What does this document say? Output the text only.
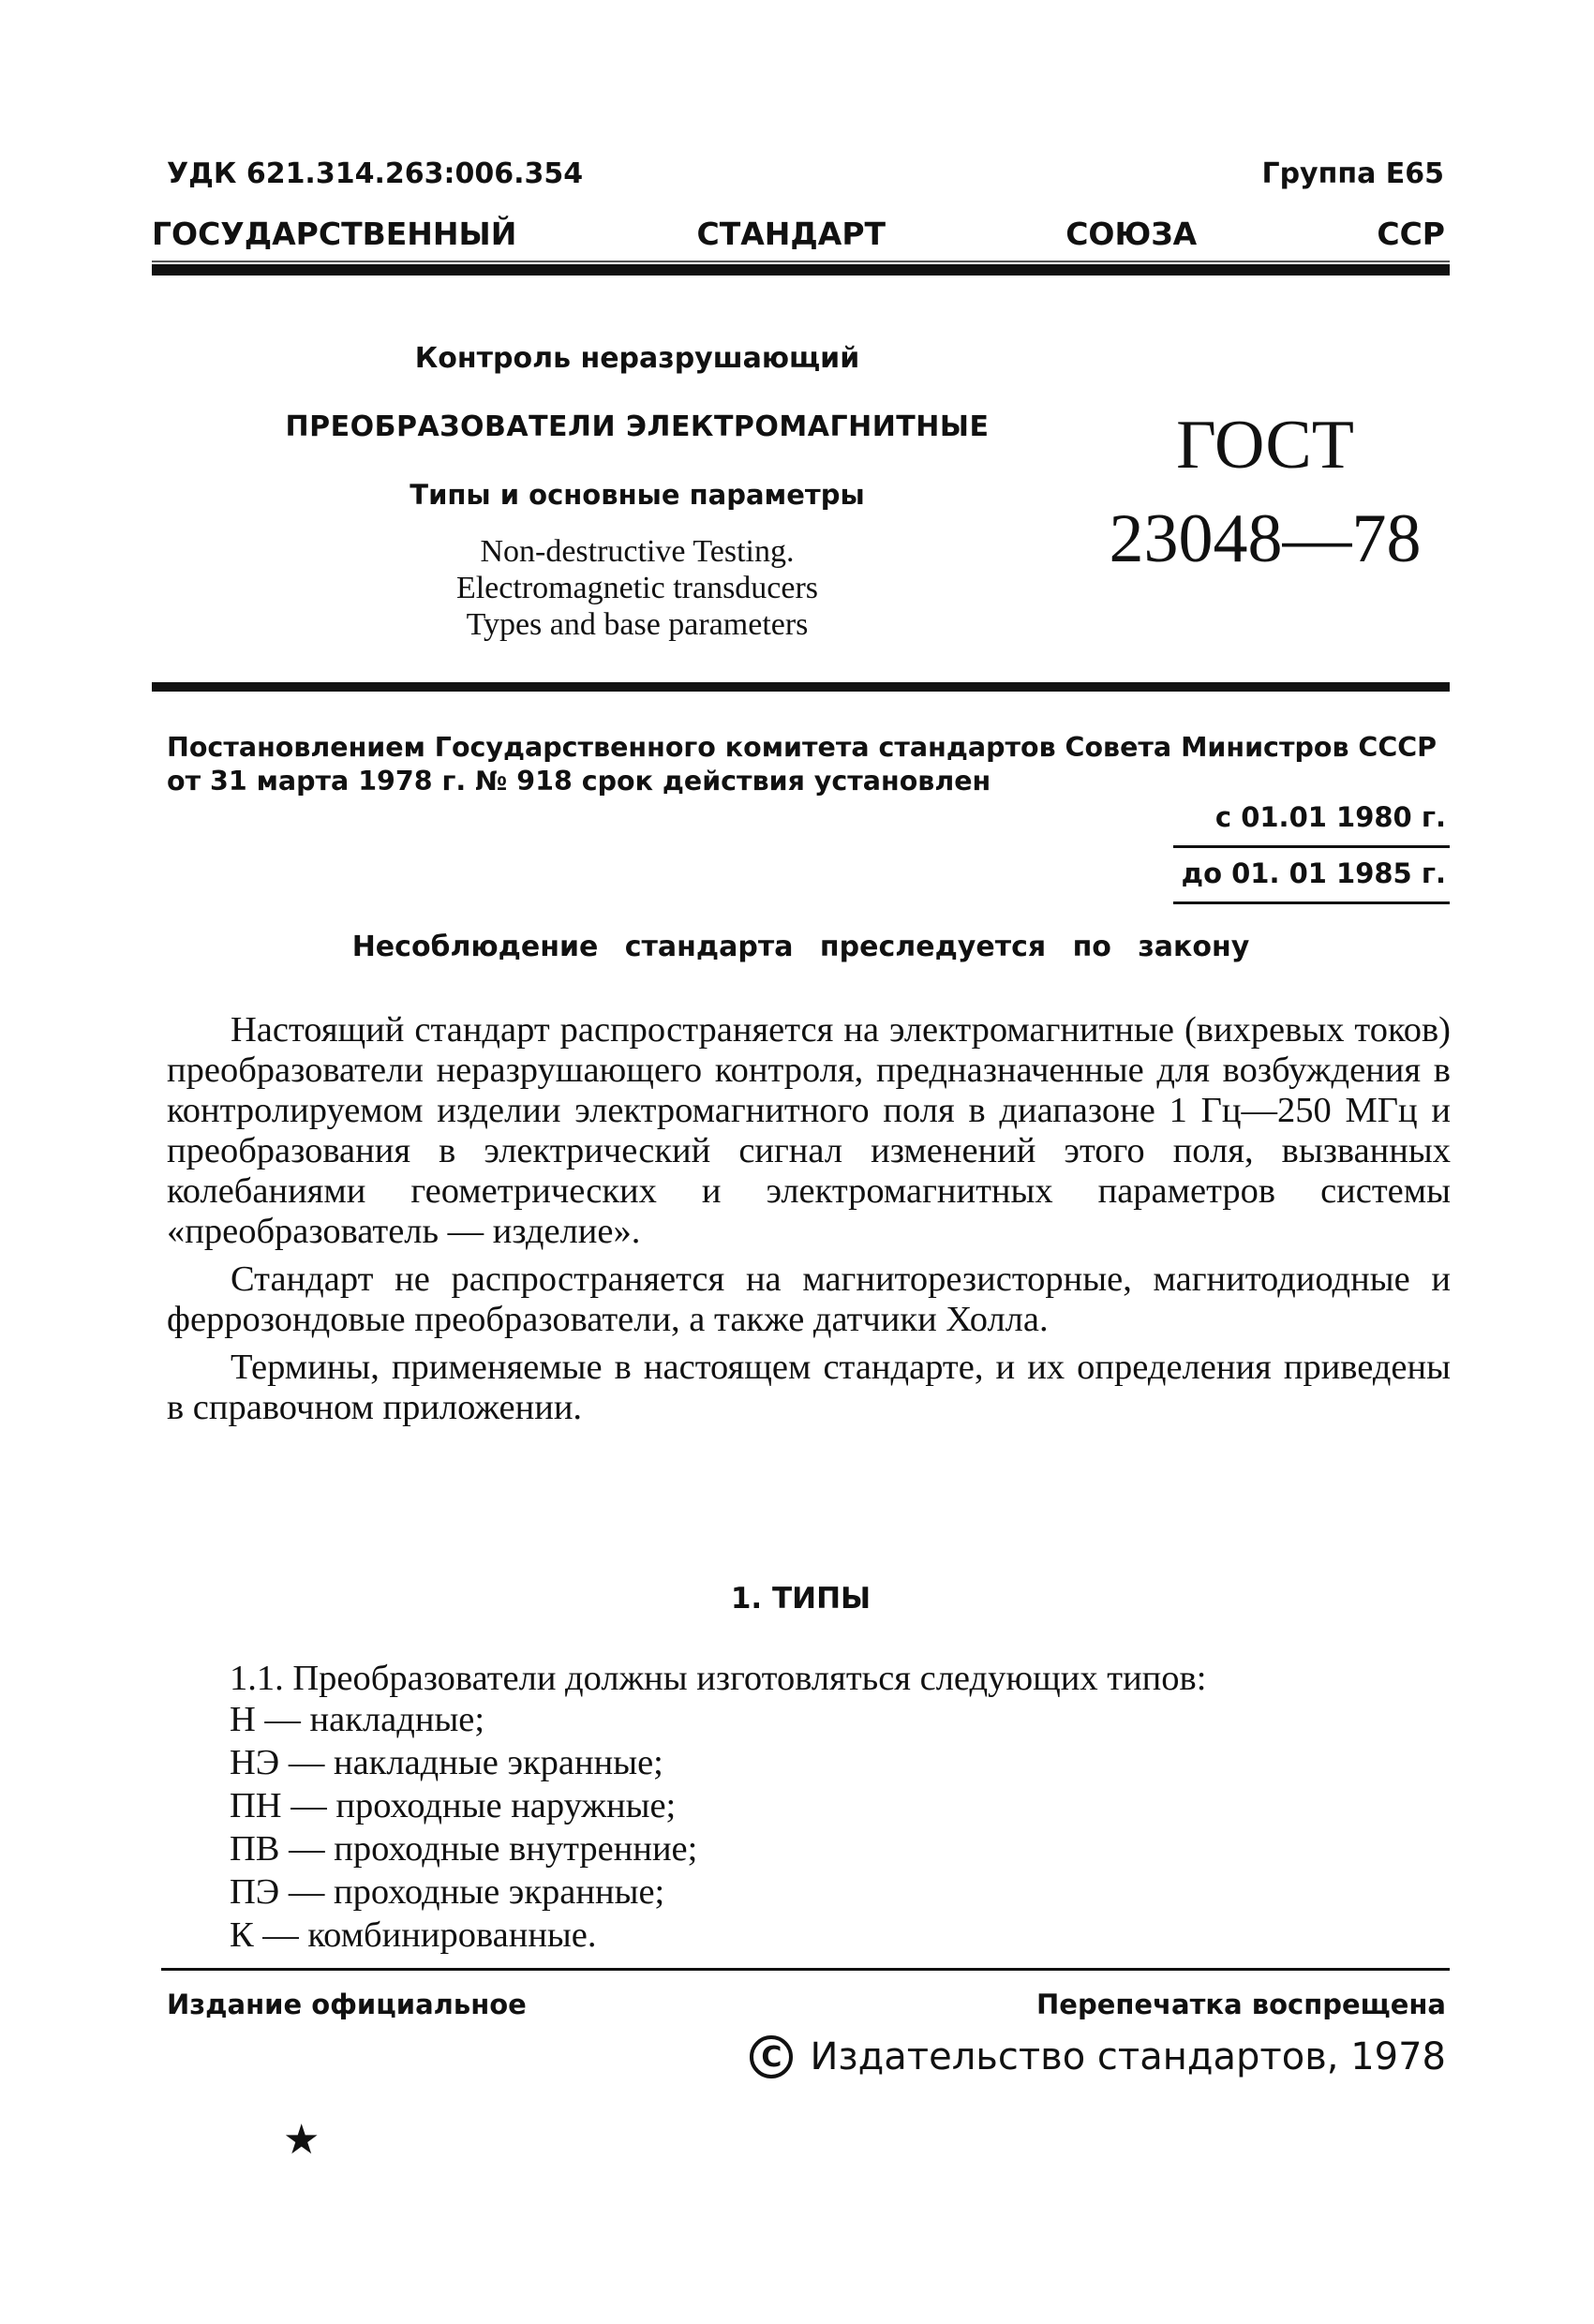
УДК 621.314.263:006.354	Группа Е65
ГОСУДАРСТВЕННЫЙ	СТАНДАРТ	СОЮЗА	ССР
Контроль неразрушающий
ПРЕОБРАЗОВАТЕЛИ ЭЛЕКТРОМАГНИТНЫЕ
Типы и основные параметры
Non-destructive Testing.
Electromagnetic transducers
Types and base parameters
ГОСТ
23048—78
Постановлением Государственного комитета стандартов Совета Министров СССР от 31 марта 1978 г. № 918 срок действия установлен
с 01.01 1980 г.
до 01. 01 1985 г.
Несоблюдение стандарта преследуется по закону

Настоящий стандарт распространяется на электромагнитные (вихревых токов) преобразователи неразрушающего контроля, предназначенные для возбуждения в контролируемом изделии электромагнитного поля в диапазоне 1 Гц—250 МГц и преобразования в электрический сигнал изменений этого поля, вызванных колебаниями геометрических и электромагнитных параметров системы «преобразователь — изделие».

Стандарт не распространяется на магниторезисторные, магнитодиодные и феррозондовые преобразователи, а также датчики Холла.

Термины, применяемые в настоящем стандарте, и их определения приведены в справочном приложении.

1. ТИПЫ
1.1. Преобразователи должны изготовляться следующих типов:
Н — накладные;
НЭ — накладные экранные;
ПН — проходные наружные;
ПВ — проходные внутренние;
ПЭ — проходные экранные;
К — комбинированные.
Издание официальное	Перепечатка воспрещена
C Издательство стандартов, 1978
★
